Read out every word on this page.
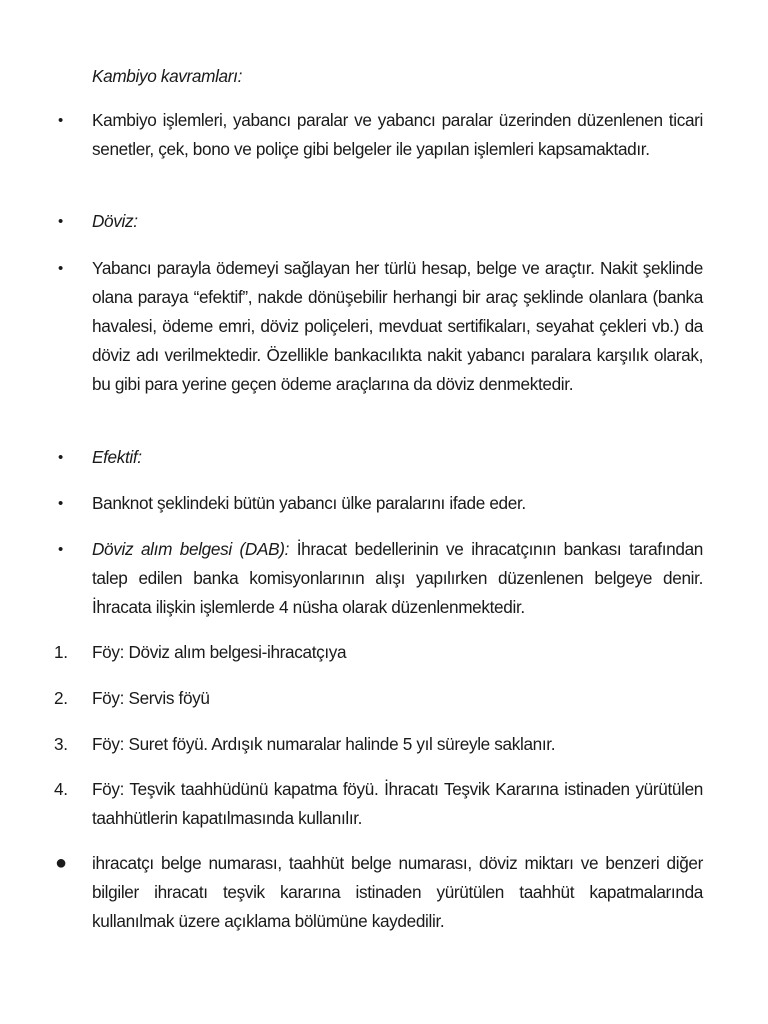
Kambiyo kavramları:
•	Kambiyo işlemleri, yabancı paralar ve yabancı paralar üzerinden düzenlenen ticari senetler, çek, bono ve poliçe gibi belgeler ile yapılan işlemleri kapsamaktadır.
•	Döviz:
•	Yabancı parayla ödemeyi sağlayan her türlü hesap, belge ve araçtır. Nakit şeklinde olana paraya “efektif”, nakde dönüşebilir herhangi bir araç şeklinde olanlara (banka havalesi, ödeme emri, döviz poliçeleri, mevduat sertifikaları, seyahat çekleri vb.) da döviz adı verilmektedir. Özellikle bankacılıkta nakit yabancı paralara karşılık olarak, bu gibi para yerine geçen ödeme araçlarına da döviz denmektedir.
•	Efektif:
•	Banknot şeklindeki bütün yabancı ülke paralarını ifade eder.
•	Döviz alım belgesi (DAB): İhracat bedellerinin ve ihracatçının bankası tarafından talep edilen banka komisyonlarının alışı yapılırken düzenlenen belgeye denir. İhracata ilişkin işlemlerde 4 nüsha olarak düzenlenmektedir.
1.	Föy: Döviz alım belgesi-ihracatçıya
2.	Föy: Servis föyü
3.	Föy: Suret föyü. Ardışık numaralar halinde 5 yıl süreyle saklanır.
4.	Föy: Teşvik taahhüdünü kapatma föyü. İhracatı Teşvik Kararına istinaden yürütülen taahhütlerin kapatılmasında kullanılır.
●	ihracatçı belge numarası, taahhüt belge numarası, döviz miktarı ve benzeri diğer bilgiler ihracatı teşvik kararına istinaden yürütülen taahhüt kapatmalarında kullanılmak üzere açıklama bölümüne kaydedilir.
